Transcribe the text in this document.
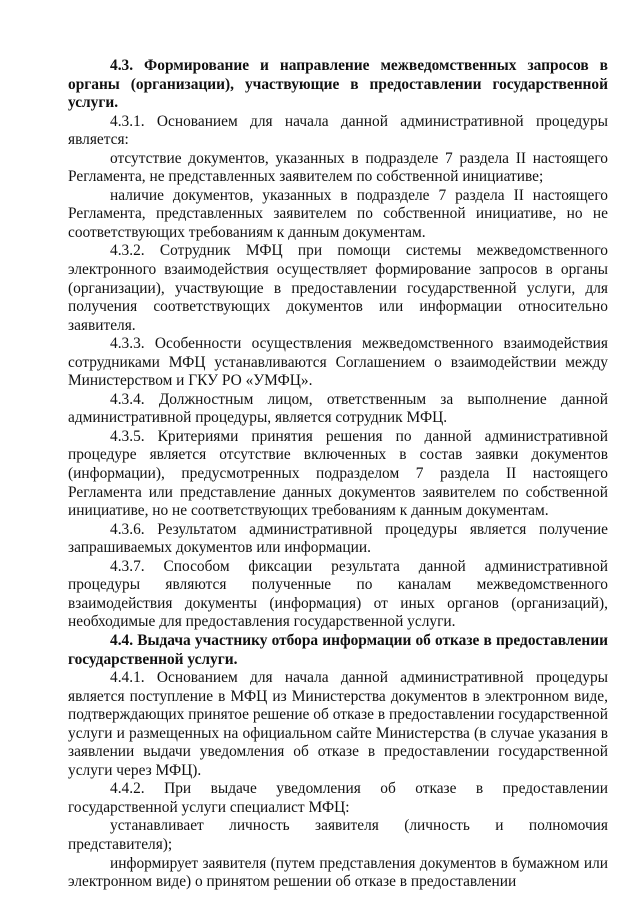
4.3. Формирование и направление межведомственных запросов в органы (организации), участвующие в предоставлении государственной услуги.

4.3.1. Основанием для начала данной административной процедуры является:

отсутствие документов, указанных в подразделе 7 раздела II настоящего Регламента, не представленных заявителем по собственной инициативе;

наличие документов, указанных в подразделе 7 раздела II настоящего Регламента, представленных заявителем по собственной инициативе, но не соответствующих требованиям к данным документам.

4.3.2. Сотрудник МФЦ при помощи системы межведомственного электронного взаимодействия осуществляет формирование запросов в органы (организации), участвующие в предоставлении государственной услуги, для получения соответствующих документов или информации относительно заявителя.

4.3.3. Особенности осуществления межведомственного взаимодействия сотрудниками МФЦ устанавливаются Соглашением о взаимодействии между Министерством и ГКУ РО «УМФЦ».

4.3.4. Должностным лицом, ответственным за выполнение данной административной процедуры, является сотрудник МФЦ.

4.3.5. Критериями принятия решения по данной административной процедуре является отсутствие включенных в состав заявки документов (информации), предусмотренных подразделом 7 раздела II настоящего Регламента или представление данных документов заявителем по собственной инициативе, но не соответствующих требованиям к данным документам.

4.3.6. Результатом административной процедуры является получение запрашиваемых документов или информации.

4.3.7. Способом фиксации результата данной административной процедуры являются полученные по каналам межведомственного взаимодействия документы (информация) от иных органов (организаций), необходимые для предоставления государственной услуги.

4.4. Выдача участнику отбора информации об отказе в предоставлении государственной услуги.

4.4.1. Основанием для начала данной административной процедуры является поступление в МФЦ из Министерства документов в электронном виде, подтверждающих принятое решение об отказе в предоставлении государственной услуги и размещенных на официальном сайте Министерства (в случае указания в заявлении выдачи уведомления об отказе в предоставлении государственной услуги через МФЦ).

4.4.2. При выдаче уведомления об отказе в предоставлении государственной услуги специалист МФЦ:

устанавливает личность заявителя (личность и полномочия представителя);

информирует заявителя (путем представления документов в бумажном или электронном виде) о принятом решении об отказе в предоставлении
